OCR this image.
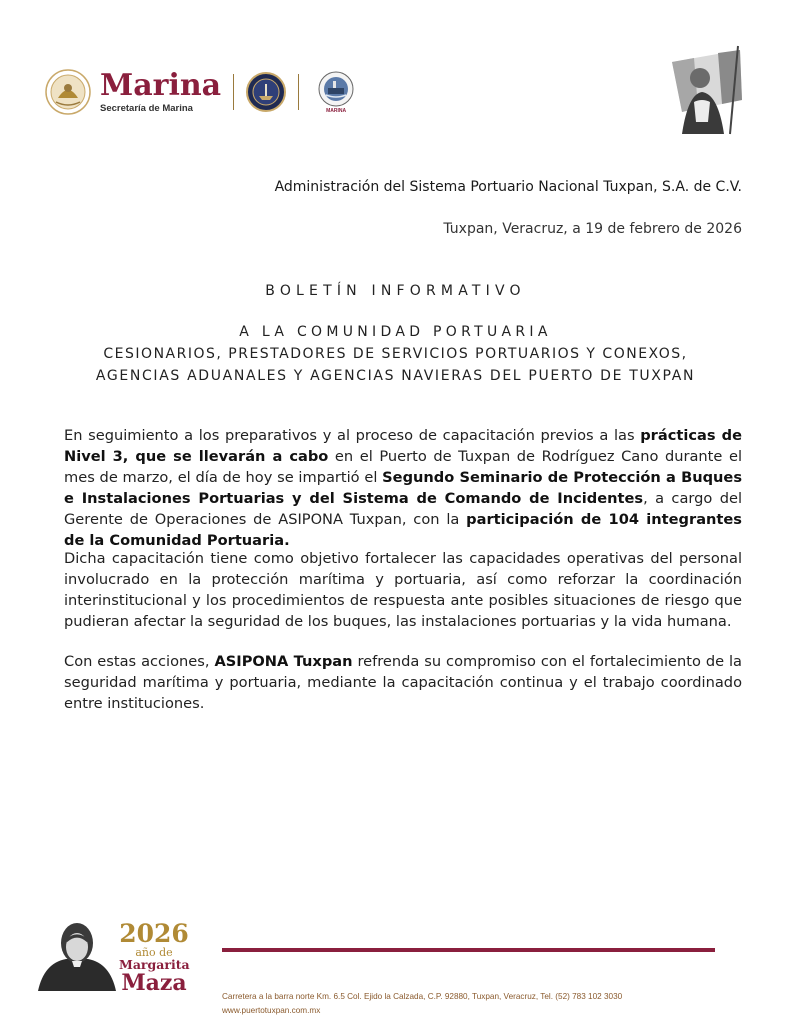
Marina
Secretaría de Marina	MARINA
Administración del Sistema Portuario Nacional Tuxpan, S.A. de C.V.
Tuxpan, Veracruz, a 19 de febrero de 2026
BOLETÍN INFORMATIVO
A LA COMUNIDAD PORTUARIA
CESIONARIOS, PRESTADORES DE SERVICIOS PORTUARIOS Y CONEXOS,
AGENCIAS ADUANALES Y AGENCIAS NAVIERAS DEL PUERTO DE TUXPAN
En seguimiento a los preparativos y al proceso de capacitación previos a las prácticas de Nivel 3, que se llevarán a cabo en el Puerto de Tuxpan de Rodríguez Cano durante el mes de marzo, el día de hoy se impartió el Segundo Seminario de Protección a Buques e Instalaciones Portuarias y del Sistema de Comando de Incidentes, a cargo del Gerente de Operaciones de ASIPONA Tuxpan, con la participación de 104 integrantes de la Comunidad Portuaria.
Dicha capacitación tiene como objetivo fortalecer las capacidades operativas del personal involucrado en la protección marítima y portuaria, así como reforzar la coordinación interinstitucional y los procedimientos de respuesta ante posibles situaciones de riesgo que pudieran afectar la seguridad de los buques, las instalaciones portuarias y la vida humana.
Con estas acciones, ASIPONA Tuxpan refrenda su compromiso con el fortalecimiento de la seguridad marítima y portuaria, mediante la capacitación continua y el trabajo coordinado entre instituciones.
2026
año de
Margarita
Maza
Carretera a la barra norte Km. 6.5 Col. Ejido la Calzada, C.P. 92880, Tuxpan, Veracruz, Tel. (52) 783 102 3030
www.puertotuxpan.com.mx
